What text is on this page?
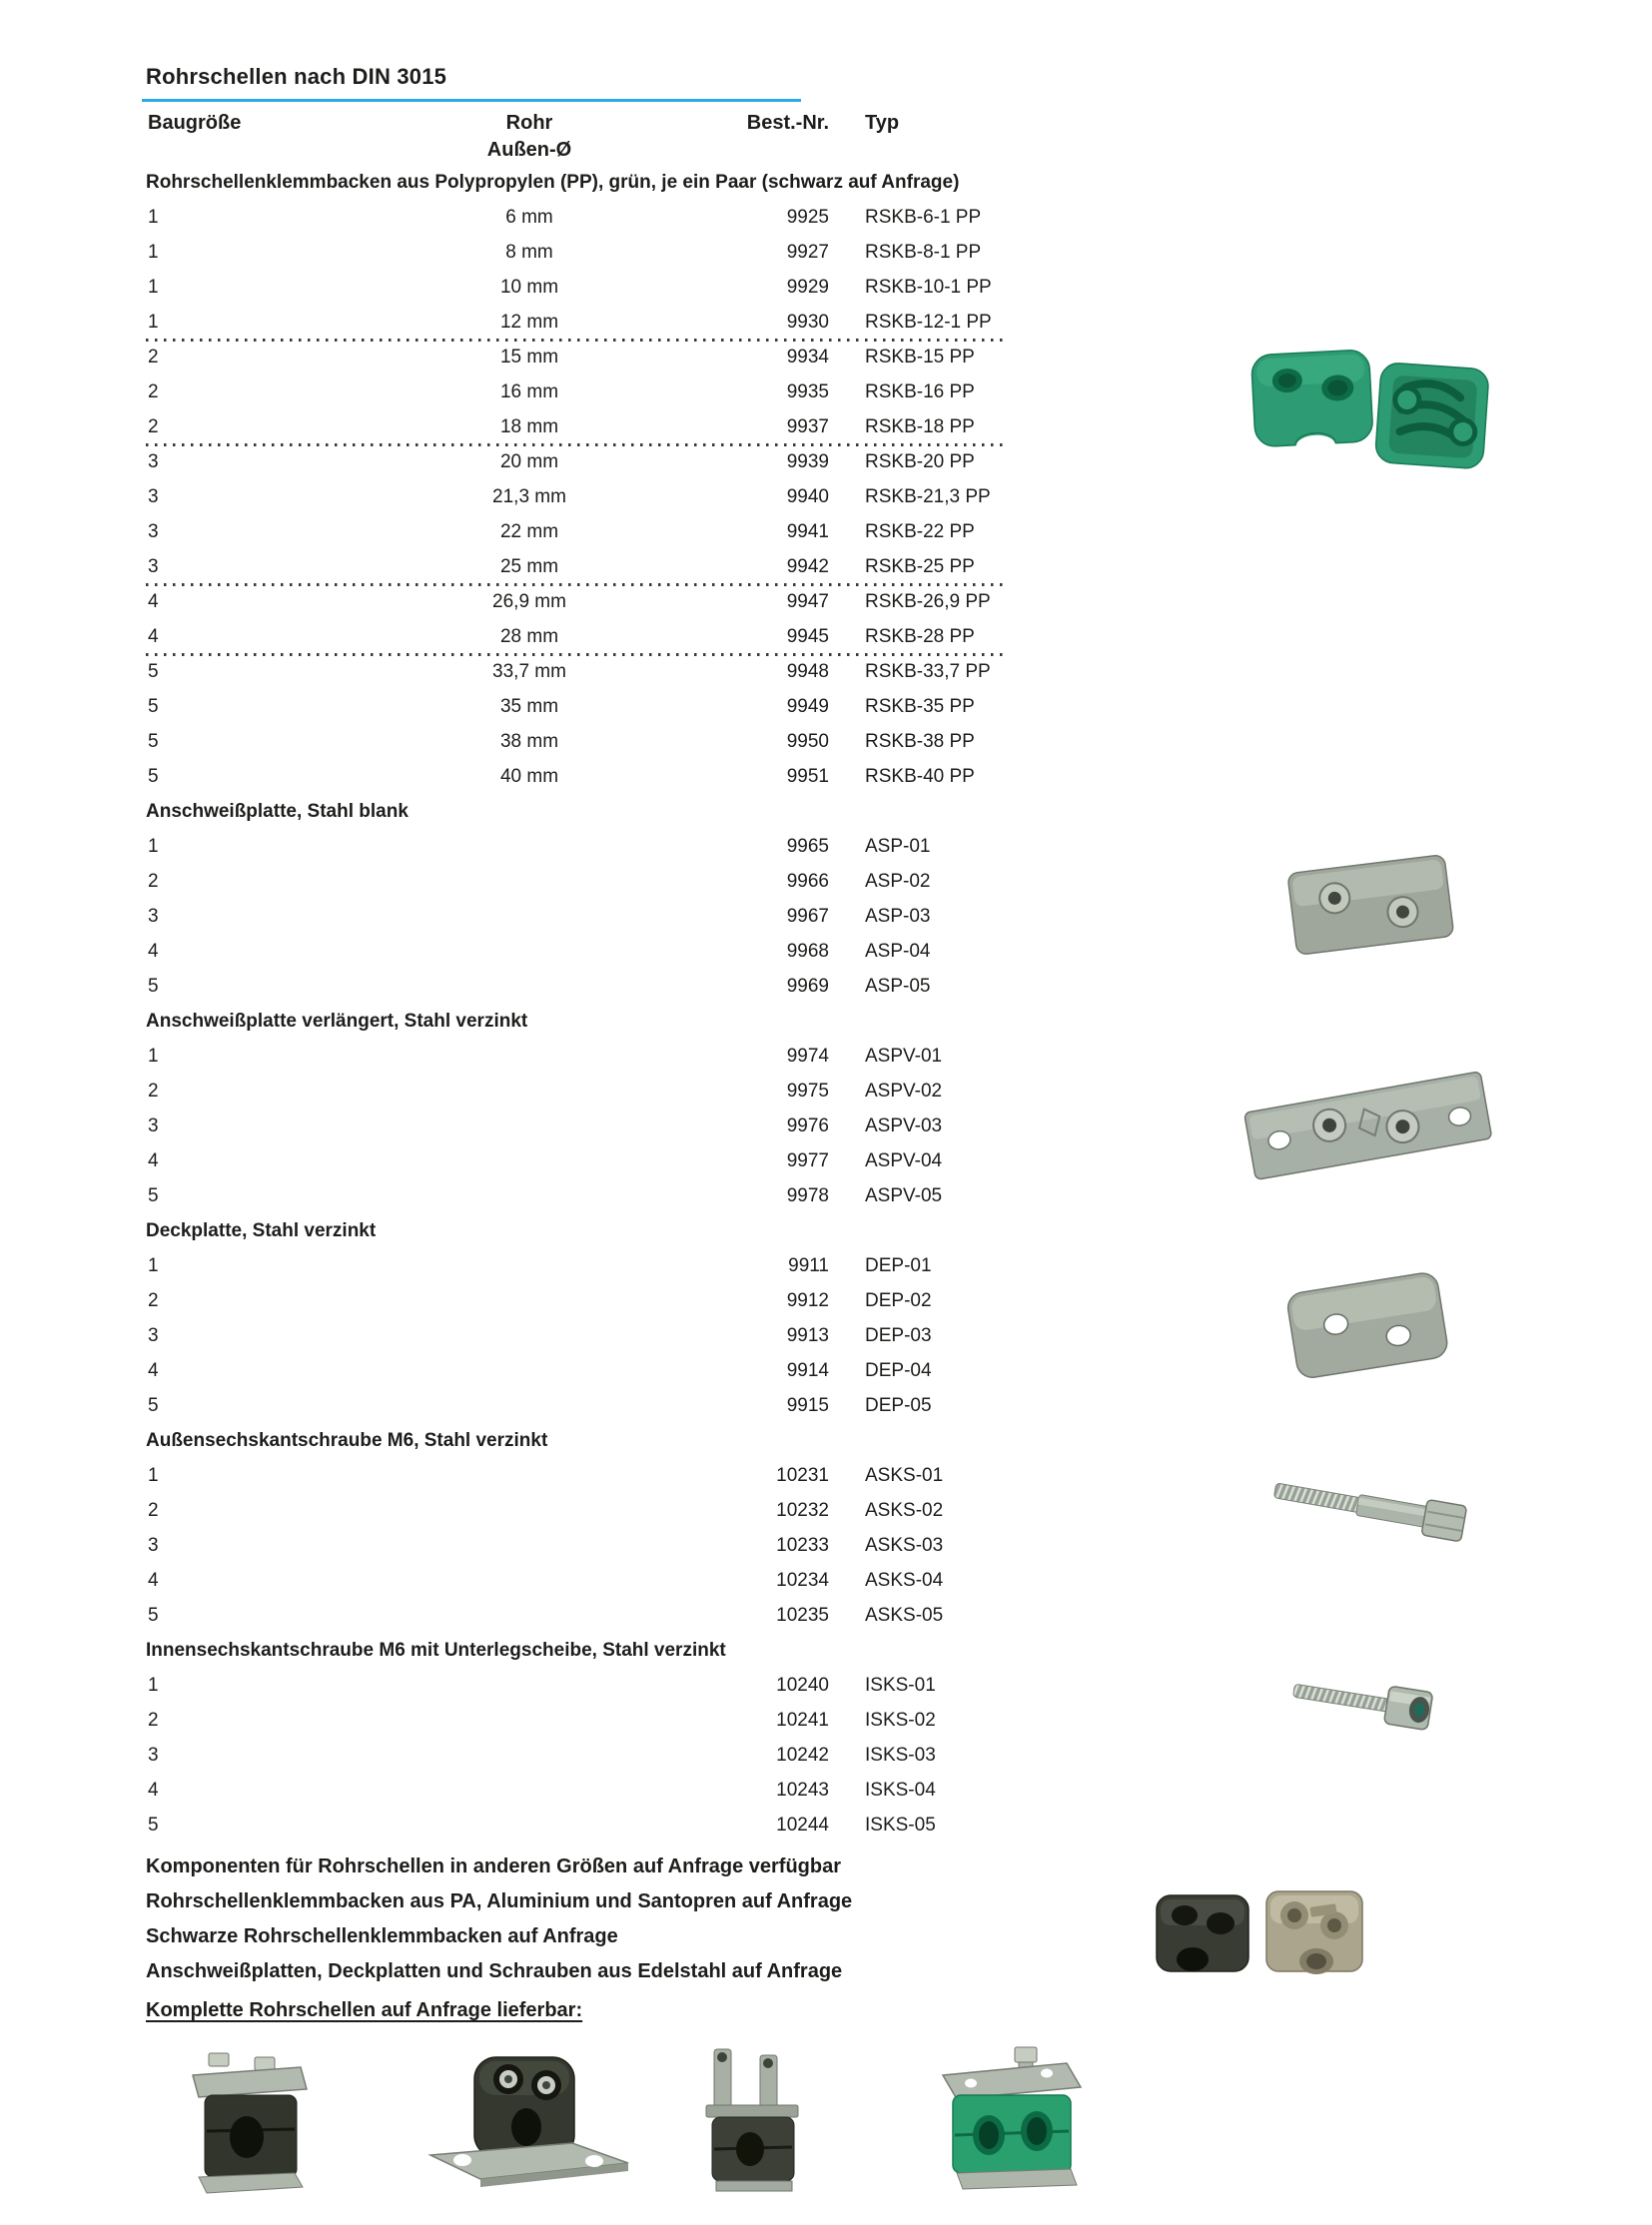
Rohrschellen nach DIN 3015
Baugröße	Rohr	Best.-Nr. Typ
Außen-Ø
Rohrschellenklemmbacken aus Polypropylen (PP), grün, je ein Paar (schwarz auf Anfrage)
1	6 mm	9925 RSKB-6-1 PP
1	8 mm	9927 RSKB-8-1 PP
1	10 mm	9929 RSKB-10-1 PP
1	12 mm	9930 RSKB-12-1 PP
2	15 mm	9934 RSKB-15 PP
2	16 mm	9935 RSKB-16 PP
2	18 mm	9937 RSKB-18 PP
3	20 mm	9939 RSKB-20 PP
3	21,3 mm	9940 RSKB-21,3 PP
3	22 mm	9941 RSKB-22 PP
3	25 mm	9942 RSKB-25 PP
4	26,9 mm	9947 RSKB-26,9 PP
4	28 mm	9945 RSKB-28 PP
5	33,7 mm	9948 RSKB-33,7 PP
5	35 mm	9949 RSKB-35 PP
5	38 mm	9950 RSKB-38 PP
5	40 mm	9951 RSKB-40 PP
Anschweißplatte, Stahl blank
1	9965 ASP-01
2	9966 ASP-02
3	9967 ASP-03
4	9968 ASP-04
5	9969 ASP-05
Anschweißplatte verlängert, Stahl verzinkt
1	9974 ASPV-01
2	9975 ASPV-02
3	9976 ASPV-03
4	9977 ASPV-04
5	9978 ASPV-05
Deckplatte, Stahl verzinkt
1	9911 DEP-01
2	9912 DEP-02
3	9913 DEP-03
4	9914 DEP-04
5	9915 DEP-05
Außensechskantschraube M6, Stahl verzinkt
1	10231 ASKS-01
2	10232 ASKS-02
3	10233 ASKS-03
4	10234 ASKS-04
5	10235 ASKS-05
Innensechskantschraube M6 mit Unterlegscheibe, Stahl verzinkt
1	10240 ISKS-01
2	10241 ISKS-02
3	10242 ISKS-03
4	10243 ISKS-04
5	10244 ISKS-05
Komponenten für Rohrschellen in anderen Größen auf Anfrage verfügbar
Rohrschellenklemmbacken aus PA, Aluminium und Santopren auf Anfrage
Schwarze Rohrschellenklemmbacken auf Anfrage
Anschweißplatten, Deckplatten und Schrauben aus Edelstahl auf Anfrage
Komplette Rohrschellen auf Anfrage lieferbar:
